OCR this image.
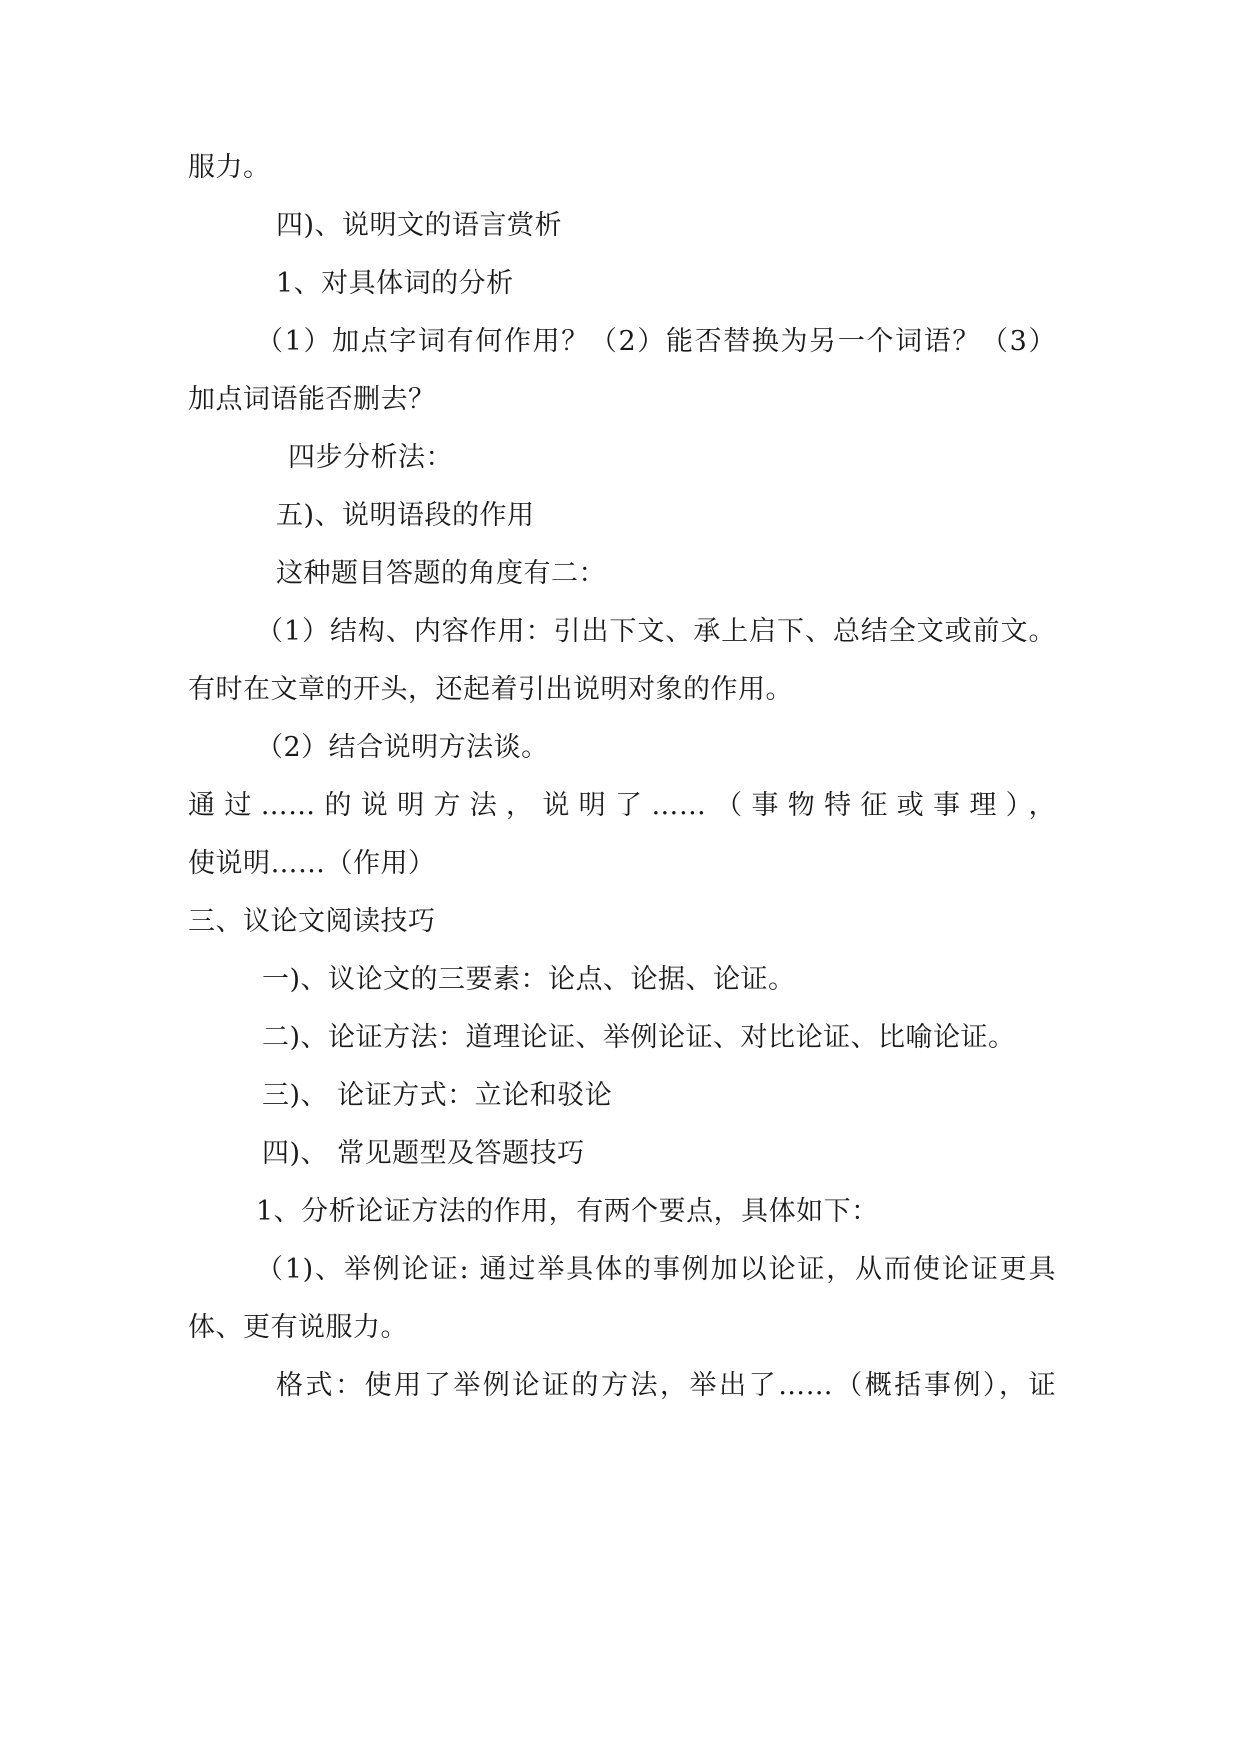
服力。
四)、说明文的语言赏析
1、对具体词的分析
（1）加点字词有何作用？（2）能否替换为另一个词语？（3）
加点词语能否删去？
四步分析法：
五)、说明语段的作用
这种题目答题的角度有二：
（1）结构、内容作用：引出下文、承上启下、总结全文或前文。
有时在文章的开头，还起着引出说明对象的作用。
（2）结合说明方法谈。
通过……的说明方法，说明了……（事物特征或事理），
使说明……（作用）
三、议论文阅读技巧
一)、议论文的三要素：论点、论据、论证。
二)、论证方法：道理论证、举例论证、对比论证、比喻论证。
三)、 论证方式：立论和驳论
四)、 常见题型及答题技巧
1、分析论证方法的作用，有两个要点，具体如下：
（1)、举例论证: 通过举具体的事例加以论证，从而使论证更具
体、更有说服力。
格式：使用了举例论证的方法，举出了……（概括事例），证
